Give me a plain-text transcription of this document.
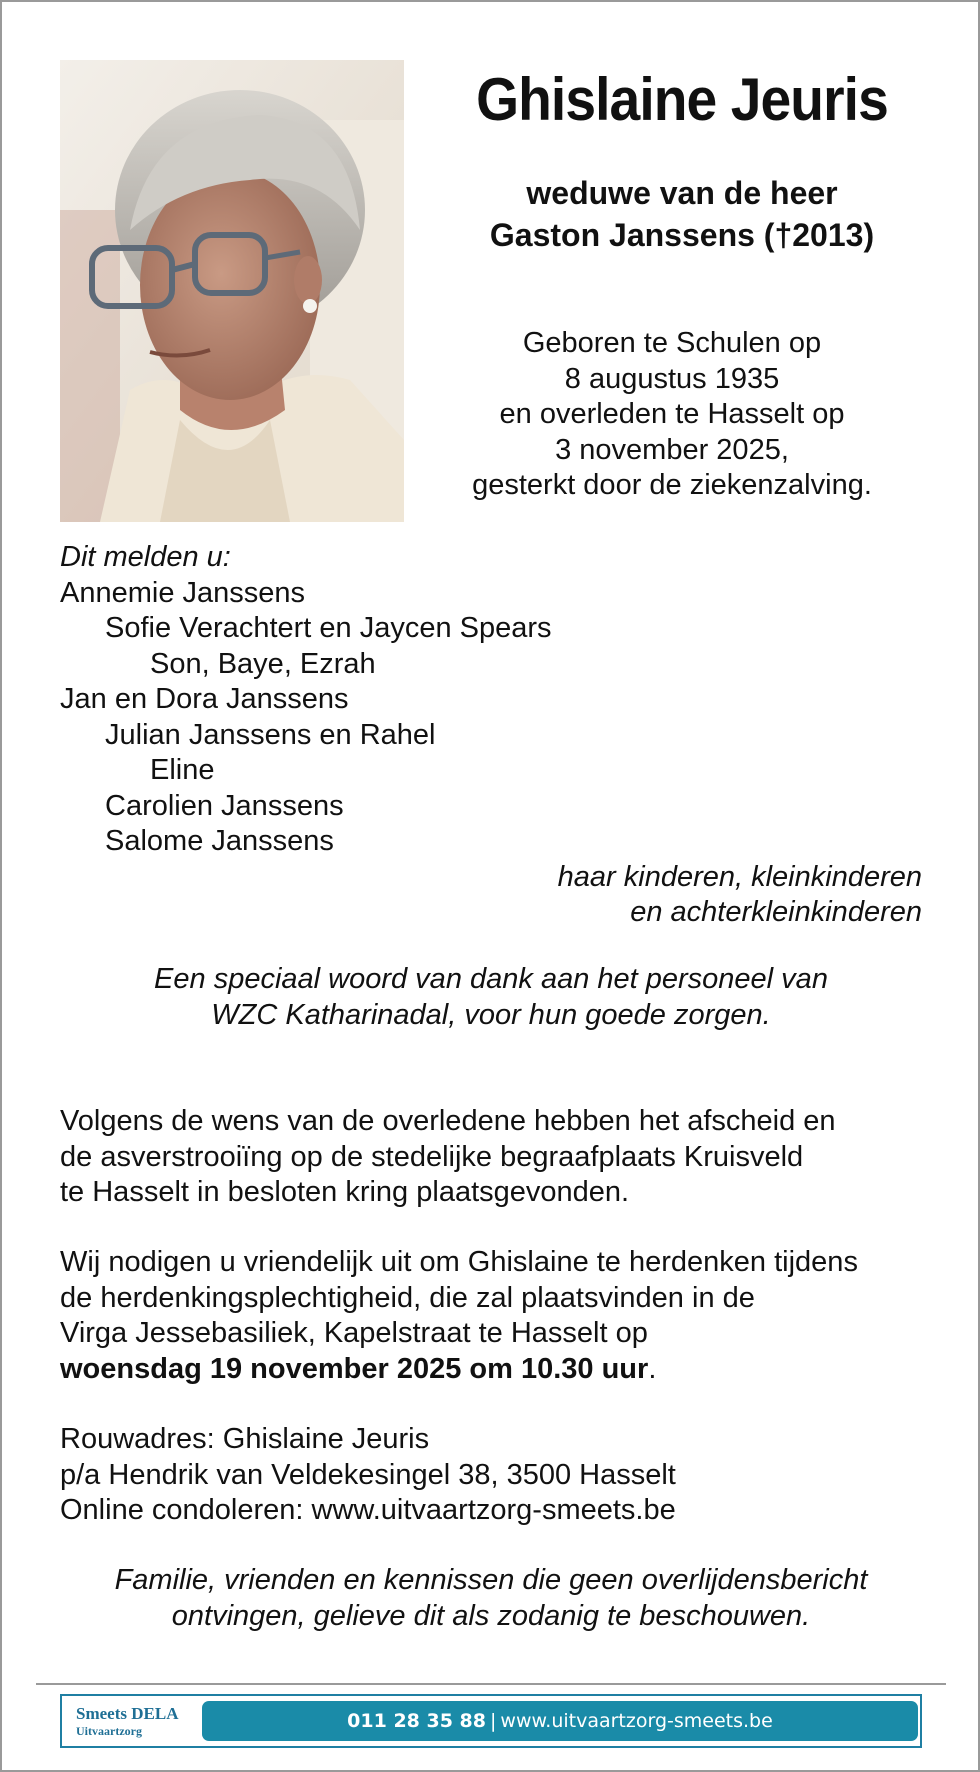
Ghislaine Jeuris
weduwe van de heer
Gaston Janssens (†2013)
Geboren te Schulen op
8 augustus 1935
en overleden te Hasselt op
3 november 2025,
gesterkt door de ziekenzalving.
Dit melden u:
Annemie Janssens
Sofie Verachtert en Jaycen Spears
Son, Baye, Ezrah
Jan en Dora Janssens
Julian Janssens en Rahel
Eline
Carolien Janssens
Salome Janssens
haar kinderen, kleinkinderen
en achterkleinkinderen
Een speciaal woord van dank aan het personeel van
WZC Katharinadal, voor hun goede zorgen.
Volgens de wens van de overledene hebben het afscheid en
de asverstrooiïng op de stedelijke begraafplaats Kruisveld
te Hasselt in besloten kring plaatsgevonden.
Wij nodigen u vriendelijk uit om Ghislaine te herdenken tijdens
de herdenkingsplechtigheid, die zal plaatsvinden in de
Virga Jessebasiliek, Kapelstraat te Hasselt op
woensdag 19 november 2025 om 10.30 uur.
Rouwadres: Ghislaine Jeuris
p/a Hendrik van Veldekesingel 38, 3500 Hasselt
Online condoleren: www.uitvaartzorg-smeets.be
Familie, vrienden en kennissen die geen overlijdensbericht
ontvingen, gelieve dit als zodanig te beschouwen.
Smeets DELA
Uitvaartzorg	011 28 35 88 | www.uitvaartzorg-smeets.be
